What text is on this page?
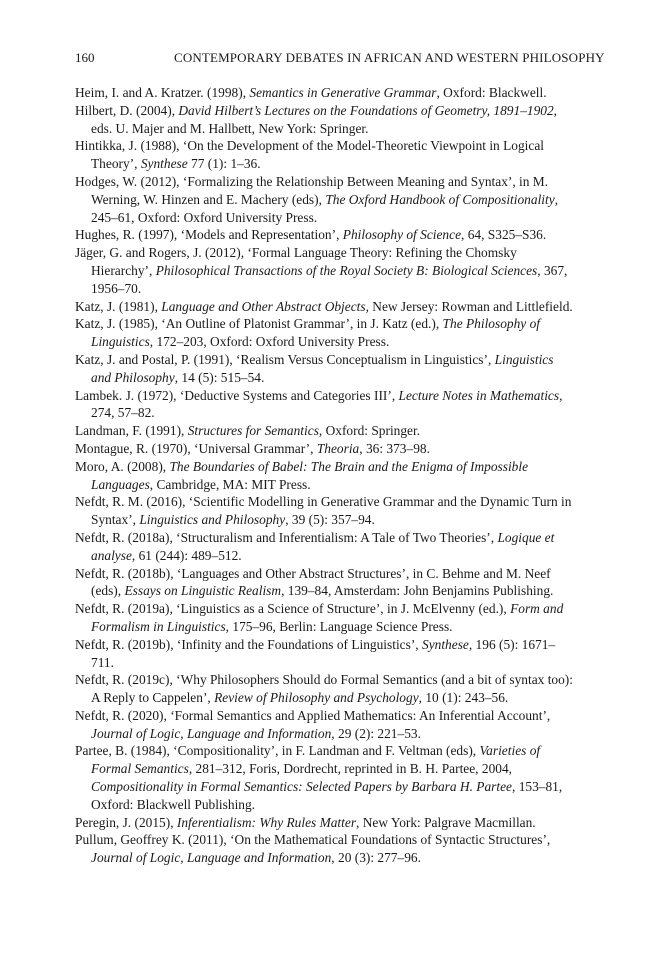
160	CONTEMPORARY DEBATES IN AFRICAN AND WESTERN PHILOSOPHY
Heim, I. and A. Kratzer. (1998), Semantics in Generative Grammar, Oxford: Blackwell.
Hilbert, D. (2004), David Hilbert’s Lectures on the Foundations of Geometry, 1891–1902, eds. U. Majer and M. Hallbett, New York: Springer.
Hintikka, J. (1988), ‘On the Development of the Model-Theoretic Viewpoint in Logical Theory’, Synthese 77 (1): 1–36.
Hodges, W. (2012), ‘Formalizing the Relationship Between Meaning and Syntax’, in M. Werning, W. Hinzen and E. Machery (eds), The Oxford Handbook of Compositionality, 245–61, Oxford: Oxford University Press.
Hughes, R. (1997), ‘Models and Representation’, Philosophy of Science, 64, S325–S36.
Jäger, G. and Rogers, J. (2012), ‘Formal Language Theory: Refining the Chomsky Hierarchy’, Philosophical Transactions of the Royal Society B: Biological Sciences, 367, 1956–70.
Katz, J. (1981), Language and Other Abstract Objects, New Jersey: Rowman and Littlefield.
Katz, J. (1985), ‘An Outline of Platonist Grammar’, in J. Katz (ed.), The Philosophy of Linguistics, 172–203, Oxford: Oxford University Press.
Katz, J. and Postal, P. (1991), ‘Realism Versus Conceptualism in Linguistics’, Linguistics and Philosophy, 14 (5): 515–54.
Lambek. J. (1972), ‘Deductive Systems and Categories III’, Lecture Notes in Mathematics, 274, 57–82.
Landman, F. (1991), Structures for Semantics, Oxford: Springer.
Montague, R. (1970), ‘Universal Grammar’, Theoria, 36: 373–98.
Moro, A. (2008), The Boundaries of Babel: The Brain and the Enigma of Impossible Languages, Cambridge, MA: MIT Press.
Nefdt, R. M. (2016), ‘Scientific Modelling in Generative Grammar and the Dynamic Turn in Syntax’, Linguistics and Philosophy, 39 (5): 357–94.
Nefdt, R. (2018a), ‘Structuralism and Inferentialism: A Tale of Two Theories’, Logique et analyse, 61 (244): 489–512.
Nefdt, R. (2018b), ‘Languages and Other Abstract Structures’, in C. Behme and M. Neef (eds), Essays on Linguistic Realism, 139–84, Amsterdam: John Benjamins Publishing.
Nefdt, R. (2019a), ‘Linguistics as a Science of Structure’, in J. McElvenny (ed.), Form and Formalism in Linguistics, 175–96, Berlin: Language Science Press.
Nefdt, R. (2019b), ‘Infinity and the Foundations of Linguistics’, Synthese, 196 (5): 1671–711.
Nefdt, R. (2019c), ‘Why Philosophers Should do Formal Semantics (and a bit of syntax too): A Reply to Cappelen’, Review of Philosophy and Psychology, 10 (1): 243–56.
Nefdt, R. (2020), ‘Formal Semantics and Applied Mathematics: An Inferential Account’, Journal of Logic, Language and Information, 29 (2): 221–53.
Partee, B. (1984), ‘Compositionality’, in F. Landman and F. Veltman (eds), Varieties of Formal Semantics, 281–312, Foris, Dordrecht, reprinted in B. H. Partee, 2004, Compositionality in Formal Semantics: Selected Papers by Barbara H. Partee, 153–81, Oxford: Blackwell Publishing.
Peregin, J. (2015), Inferentialism: Why Rules Matter, New York: Palgrave Macmillan.
Pullum, Geoffrey K. (2011), ‘On the Mathematical Foundations of Syntactic Structures’, Journal of Logic, Language and Information, 20 (3): 277–96.
